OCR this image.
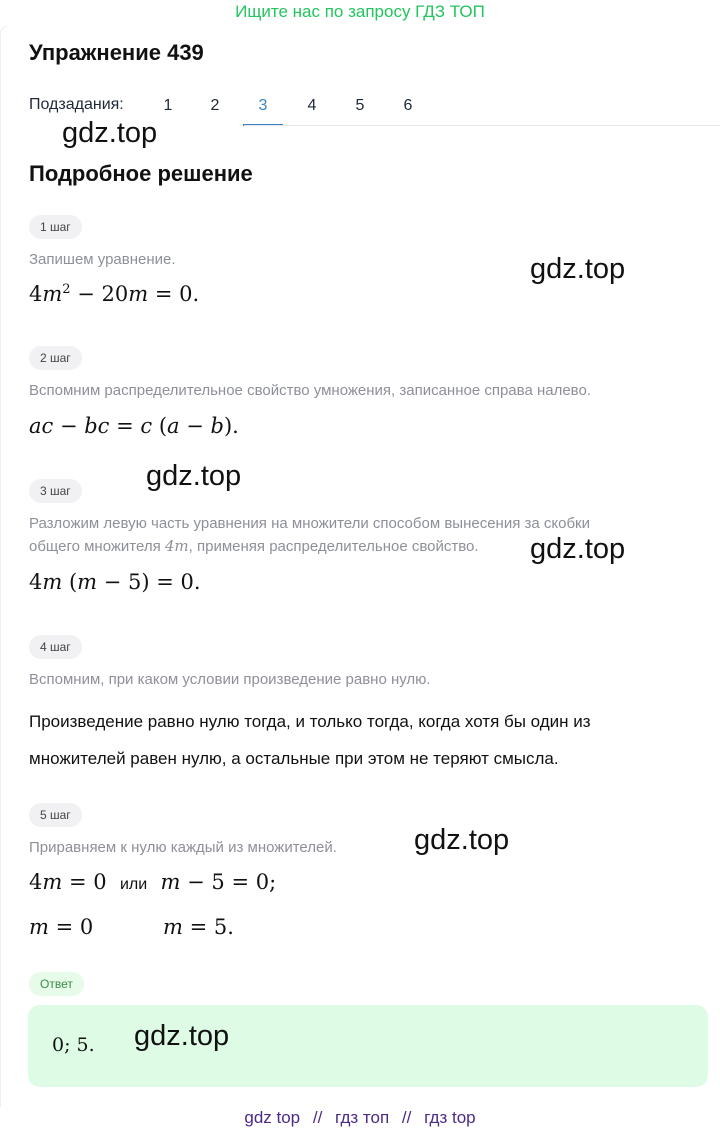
Ищите нас по запросу ГДЗ ТОП
Упражнение 439
Подзадания:	1	2	3	4	5	6
gdz.top
Подробное решение
1 шаг
Запишем уравнение.
$4m^2 - 20m = 0$.
gdz.top
2 шаг
Вспомним распределительное свойство умножения, записанное справа налево.
ac − bc = c (a − b).
gdz.top
3 шаг
Разложим левую часть уравнения на множители способом вынесения за скобки
общего множителя 4m, применяя распределительное свойство.	gdz.top
4m (m − 5) = 0.
4 шаг
Вспомним, при каком условии произведение равно нулю.
Произведение равно нулю тогда, и только тогда, когда хотя бы один из множителей равен нулю, а остальные при этом не теряют смысла.
5 шаг
Приравняем к нулю каждый из множителей.	gdz.top
4m = 0  или m − 5 = 0;
m = 0	m = 5.
Ответ
0; 5. gdz.top
gdz top // гдз топ // гдз top
